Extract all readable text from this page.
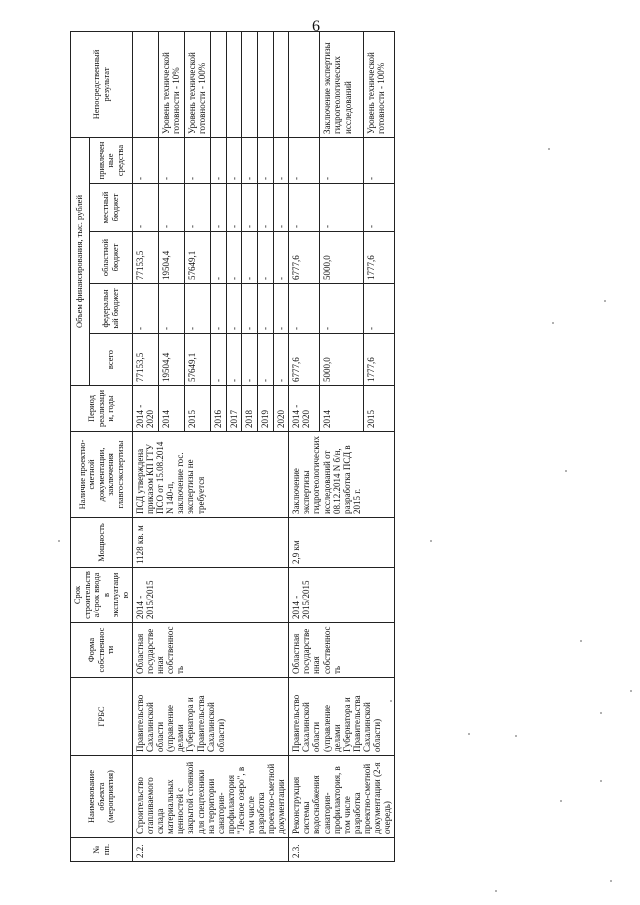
6
№ пп.	Наименование объекта (мероприятия)	ГРБС	Форма собственности	Срок строительства/срок ввода в эксплуатацию	Мощность	Наличие проектно-сметной документации, заключения главгосэкспертизы	Период реализации, годы	Объем финансирования, тыс. рублей					Непосредственный результат
								всего	федеральный бюджет	областной бюджет	местный бюджет	привлеченные средства	
2.2.	Строительство отапливаемого склада материальных ценностей с закрытой стоянкой для спецтехники на территории санатория-профилактория "Лесное озеро", в том числе разработка проектно-сметной документации	Правительство Сахалинской области (управление делами Губернатора и Правительства Сахалинской области)	Областная государственная собственность	2014 - 2015/2015	1128 кв. м	ПСД утверждена приказом КП ГТУ ПСО от 15.08.2014 N 140-п, заключение гос. экспертизы не требуется	2014 - 2020	77153,5	-	77153,5	-	-	
							2014	19504,4	-	19504,4	-	-	Уровень технической готовности - 10%
							2015	57649,1	-	57649,1	-	-	Уровень технической готовности - 100%
							2016	-	-	-	-	-	
							2017	-	-	-	-	-	
							2018	-	-	-	-	-	
							2019	-	-	-	-	-	
							2020	-	-	-	-	-	
2.3.	Реконструкция системы водоснабжения санатория-профилактория, в том числе разработка проектно-сметной документации (2-я очередь)	Правительство Сахалинской области (управление делами Губернатора и Правительства Сахалинской области)	Областная государственная собственность	2014 - 2015/2015	2,9 км	Заключение экспертизы гидрогеологических исследований от 08.12.2014 N б/н, разработка ПСД в 2015 г.	2014 - 2020	6777,6	-	6777,6	-	-	
							2014	5000,0	-	5000,0	-	-	Заключение экспертизы гидрогеологических исследований
							2015	1777,6	-	1777,6	-	-	Уровень технической готовности - 100%
